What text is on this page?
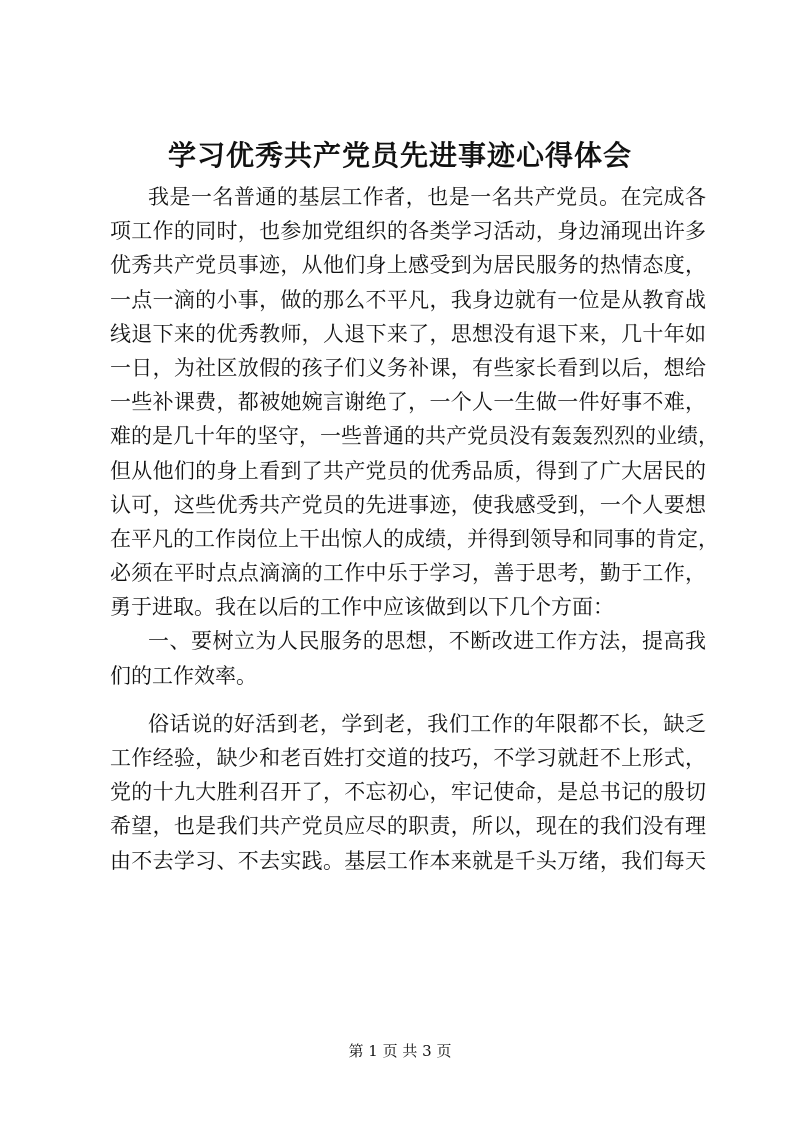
学习优秀共产党员先进事迹心得体会
我是一名普通的基层工作者，也是一名共产党员。在完成各
项工作的同时，也参加党组织的各类学习活动，身边涌现出许多
优秀共产党员事迹，从他们身上感受到为居民服务的热情态度，
一点一滴的小事，做的那么不平凡，我身边就有一位是从教育战
线退下来的优秀教师，人退下来了，思想没有退下来，几十年如
一日，为社区放假的孩子们义务补课，有些家长看到以后，想给
一些补课费，都被她婉言谢绝了，一个人一生做一件好事不难，
难的是几十年的坚守，一些普通的共产党员没有轰轰烈烈的业绩，
但从他们的身上看到了共产党员的优秀品质，得到了广大居民的
认可，这些优秀共产党员的先进事迹，使我感受到，一个人要想
在平凡的工作岗位上干出惊人的成绩，并得到领导和同事的肯定，
必须在平时点点滴滴的工作中乐于学习，善于思考，勤于工作，
勇于进取。我在以后的工作中应该做到以下几个方面：
一、要树立为人民服务的思想，不断改进工作方法，提高我
们的工作效率。
俗话说的好活到老，学到老，我们工作的年限都不长，缺乏
工作经验，缺少和老百姓打交道的技巧，不学习就赶不上形式，
党的十九大胜利召开了，不忘初心，牢记使命，是总书记的殷切
希望，也是我们共产党员应尽的职责，所以，现在的我们没有理
由不去学习、不去实践。基层工作本来就是千头万绪，我们每天
第 1 页 共 3 页
